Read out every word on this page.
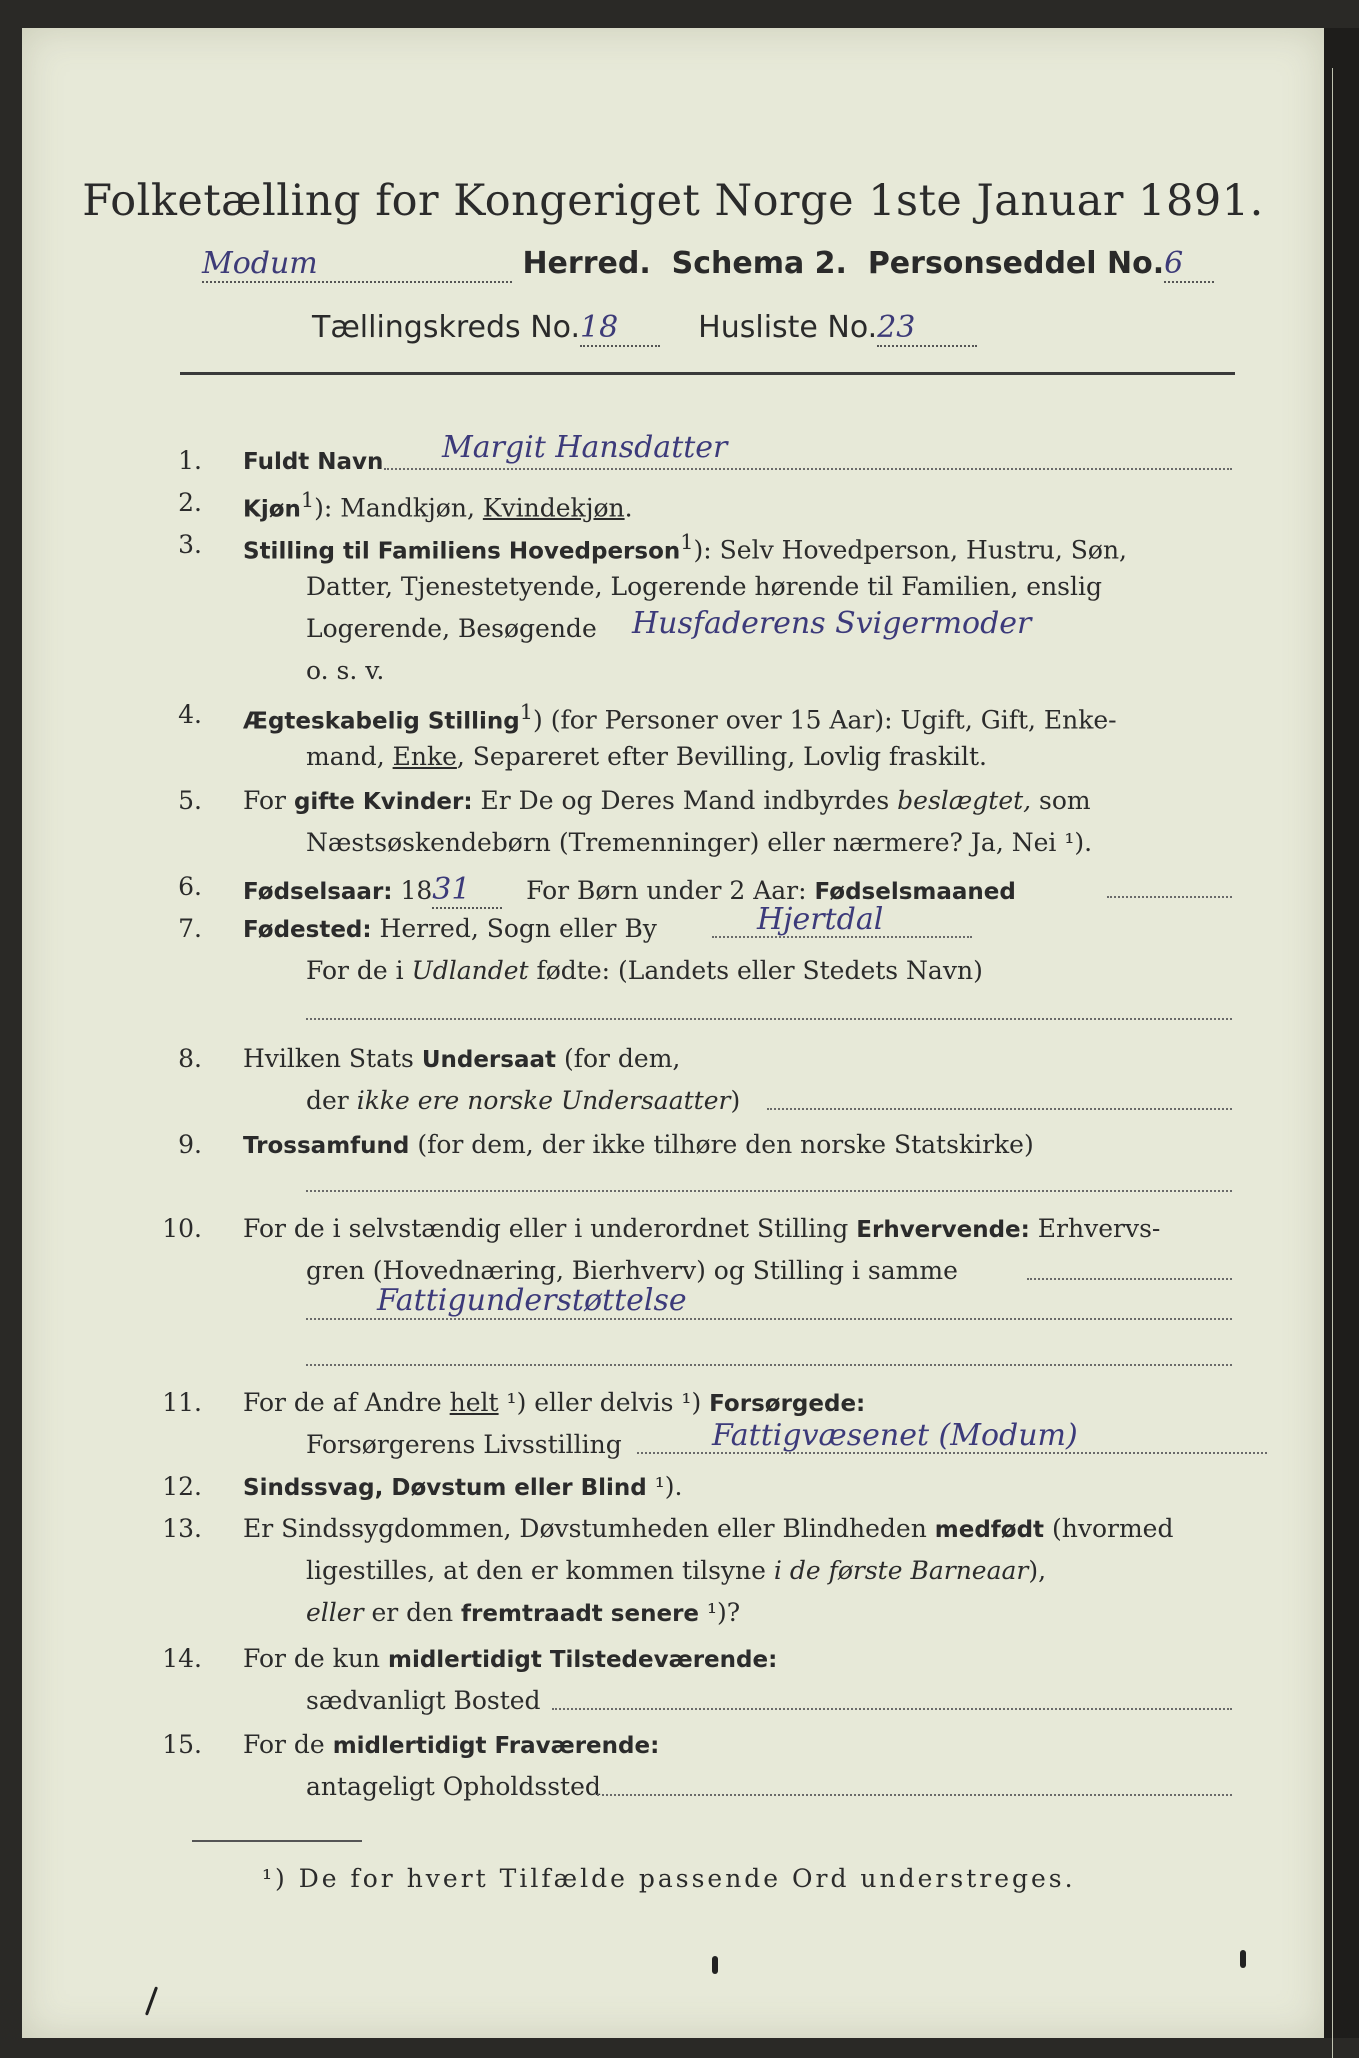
Folketælling for Kongeriget Norge 1ste Januar 1891.
Modum	Herred. Schema 2. Personseddel No.6
Tællingskreds No.18	Husliste No.23
1. Fuldt Navn Margit Hansdatter
2. Kjøn$^1$): Mandkjøn, Kvindekjøn.
3. Stilling til Familiens Hovedperson$^1$): Selv Hovedperson, Hustru, Søn,
Datter, Tjenestetyende, Logerende hørende til Familien, enslig
Logerende, Besøgende Husfaderens Svigermoder
o. s. v.
4. Ægteskabelig Stilling$^1$) (for Personer over 15 Aar): Ugift, Gift, Enke-
mand, Enke, Separeret efter Bevilling, Lovlig fraskilt.
5. For gifte Kvinder: Er De og Deres Mand indbyrdes beslægtet, som
Næstsøskendebørn (Tremenninger) eller nærmere? Ja, Nei ¹).
6. Fødselsaar: 1831 For Børn under 2 Aar: Fødselsmaaned
7. Fødested: Herred, Sogn eller By	Hjertdal
For de i Udlandet fødte: (Landets eller Stedets Navn)
8. Hvilken Stats Undersaat (for dem,
der ikke ere norske Undersaatter)
9. Trossamfund (for dem, der ikke tilhøre den norske Statskirke)
10. For de i selvstændig eller i underordnet Stilling Erhvervende: Erhvervs-
gren (Hovednæring, Bierhverv) og Stilling i samme
Fattigunderstøttelse
11. For de af Andre helt ¹) eller delvis ¹) Forsørgede:
Forsørgerens Livsstilling	Fattigvæsenet (Modum)
12. Sindssvag, Døvstum eller Blind ¹).
13. Er Sindssygdommen, Døvstumheden eller Blindheden medfødt (hvormed
ligestilles, at den er kommen tilsyne i de første Barneaar),
eller er den fremtraadt senere ¹)?
14. For de kun midlertidigt Tilstedeværende:
sædvanligt Bosted
15. For de midlertidigt Fraværende:
antageligt Opholdssted
¹) De for hvert Tilfælde passende Ord understreges.
